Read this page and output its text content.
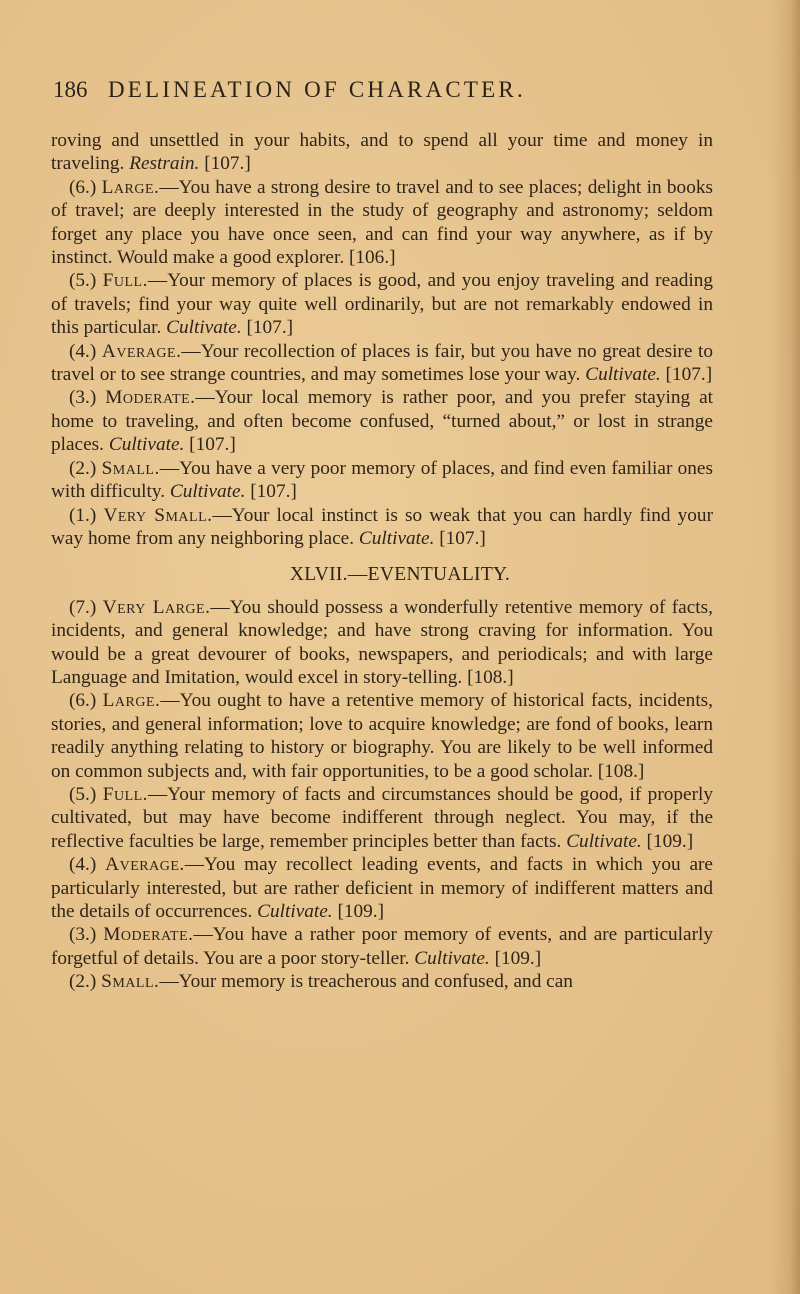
186 DELINEATION OF CHARACTER.

roving and unsettled in your habits, and to spend all your time and money in traveling. Restrain. [107.]

(6.) Large.—You have a strong desire to travel and to see places; delight in books of travel; are deeply interested in the study of geography and astronomy; seldom forget any place you have once seen, and can find your way anywhere, as if by instinct. Would make a good explorer. [106.]

(5.) Full.—Your memory of places is good, and you enjoy traveling and reading of travels; find your way quite well ordinarily, but are not remarkably endowed in this particular. Cultivate. [107.]

(4.) Average.—Your recollection of places is fair, but you have no great desire to travel or to see strange countries, and may sometimes lose your way. Cultivate. [107.]

(3.) Moderate.—Your local memory is rather poor, and you prefer staying at home to traveling, and often become confused, “turned about,” or lost in strange places. Cultivate. [107.]

(2.) Small.—You have a very poor memory of places, and find even familiar ones with difficulty. Cultivate. [107.]

(1.) Very Small.—Your local instinct is so weak that you can hardly find your way home from any neighboring place. Cultivate. [107.]

XLVII.—EVENTUALITY.

(7.) Very Large.—You should possess a wonderfully retentive memory of facts, incidents, and general knowledge; and have strong craving for information. You would be a great devourer of books, newspapers, and periodicals; and with large Language and Imitation, would excel in story-telling. [108.]

(6.) Large.—You ought to have a retentive memory of historical facts, incidents, stories, and general information; love to acquire knowledge; are fond of books, learn readily anything relating to history or biography. You are likely to be well informed on common subjects and, with fair opportunities, to be a good scholar. [108.]

(5.) Full.—Your memory of facts and circumstances should be good, if properly cultivated, but may have become indifferent through neglect. You may, if the reflective faculties be large, remember principles better than facts. Cultivate. [109.]

(4.) Average.—You may recollect leading events, and facts in which you are particularly interested, but are rather deficient in memory of indifferent matters and the details of occurrences. Cultivate. [109.]

(3.) Moderate.—You have a rather poor memory of events, and are particularly forgetful of details. You are a poor story-teller. Cultivate. [109.]

(2.) Small.—Your memory is treacherous and confused, and can
